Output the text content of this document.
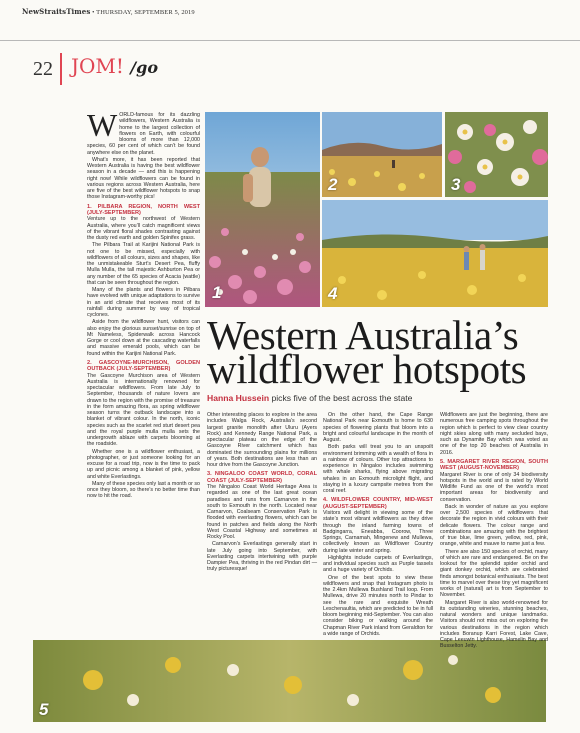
NewStraitsTimes • THURSDAY, SEPTEMBER 5, 2019
22 JOM! /go
1
2	3
4
5
Western Australia’s
wildflower hotspots
Hanna Hussein picks five of the best across the state

WORLD-famous for its dazzling wildflowers, Western Australia is home to the largest collection of flowers on Earth, with colourful blooms of more than 12,000 species, 60 per cent of which can’t be found anywhere else on the planet.

What’s more, it has been reported that Western Australia is having the best wildflower season in a decade — and this is happening right now! While wildflowers can be found in various regions across Western Australia, here are five of the best wildflower hotspots to snap those Instagram-worthy pics!

1. PILBARA REGION, NORTH WEST (JULY-SEPTEMBER)

Venture up to the northwest of Western Australia, where you’ll catch magnificent views of the vibrant floral shades contrasting against the dusty red earth and golden Spinifex grass.

The Pilbara Trail at Karijini National Park is not one to be missed, especially with wildflowers of all colours, sizes and shapes, like the unmistakeable Sturt’s Desert Pea, fluffy Mulla Mulla, the tall majestic Ashburton Pea or any number of the 65 species of Acacia (wattle) that can be seen throughout the region.

Many of the plants and flowers in Pilbara have evolved with unique adaptations to survive in an arid climate that receives most of its rainfall during summer by way of tropical cyclones.

Aside from the wildflower hunt, visitors can also enjoy the glorious sunset/sunrise on top of Mt Nameless, Spiderwalk across Hancock Gorge or cool down at the cascading waterfalls and massive emerald pools, which can be found within the Karijini National Park.

2. GASCOYNE-MURCHISON, GOLDEN OUTBACK (JULY-SEPTEMBER)

The Gascoyne Murchison area of Western Australia is internationally renowned for spectacular wildflowers. From late July to September, thousands of nature lovers are drawn to the region with the promise of treasure in the form amazing flora, as spring wildflower season turns the outback landscape into a blanket of vibrant colour. In the north, iconic species such as the scarlet red sturt desert pea and the royal purple mulla mulla sets the undergrowth ablaze with carpets blooming at the roadside.

Whether one is a wildflower enthusiast, a photographer, or just someone looking for an excuse for a road trip, now is the time to pack up and picnic among a blanket of pink, yellow and white Everlastings.

Many of these species only last a month or so once they bloom, so there’s no better time than now to hit the road.

Other interesting places to explore in the area includes Walga Rock, Australia’s second largest granite monolith after Uluru (Ayers Rock) and Kennedy Range National Park, a spectacular plateau on the edge of the Gascoyne River catchment which has dominated the surrounding plains for millions of years. Both destinations are less than an hour drive from the Gascoyne Junction.

3. NINGALOO COAST WORLD, CORAL COAST (JULY-SEPTEMBER)

The Ningaloo Coast World Heritage Area is regarded as one of the last great ocean paradises and runs from Carnarvon in the south to Exmouth in the north. Located near Carnarvon, Coalseam Conservation Park is flooded with everlasting flowers, which can be found in patches and fields along the North West Coastal Highway and sometimes at Rocky Pool.

Carnarvon’s Everlastings generally start in late July going into September, with Everlasting carpets intertwining with purple Dampier Pea, thriving in the red Pindan dirt — truly picturesque!

On the other hand, the Cape Range National Park near Exmouth is home to 630 species of flowering plants that bloom into a bright and colourful landscape in the month of August.

Both parks will treat you to an unspoilt environment brimming with a wealth of flora in a rainbow of colours. Other top attractions to experience in Ningaloo includes swimming with whale sharks, flying above migrating whales in an Exmouth microlight flight, and staying in a luxury campsite metres from the coral reef.

4. WILDFLOWER COUNTRY, MID-WEST (AUGUST-SEPTEMBER)

Visitors will delight in viewing some of the state’s most vibrant wildflowers as they drive through the inland farming towns of Badgingarra, Eneabba, Coorow, Three Springs, Carnamah, Mingenew and Mullewa, collectively known as Wildflower Country during late winter and spring.

Highlights include carpets of Everlastings, and individual species such as Purple tassels and a huge variety of Orchids.

One of the best spots to view these wildflowers and snap that Instagram photo is the 2.4km Mullewa Bushland Trail loop. From Mullewa, drive 20 minutes north to Pindar to see the rare and exquisite Wreath Leschenaultia, which are predicted to be in full bloom beginning mid-September. You can also consider biking or walking around the Chapman River Park inland from Geraldton for a wide range of Orchids.

Wildflowers are just the beginning, there are numerous free camping spots throughout the region which is perfect to view clear country night skies along with many secluded bays, such as Dynamite Bay which was voted as one of the top 20 beaches of Australia in 2016.

5. MARGARET RIVER REGION, SOUTH WEST (AUGUST-NOVEMBER)

Margaret River is one of only 34 biodiversity hotspots in the world and is rated by World Wildlife Fund as one of the world’s most important areas for biodiversity and conservation.

Back in wonder of nature as you explore over 2,500 species of wildflowers that decorate the region in vivid colours with their delicate flowers. The colour range and combinations are amazing with the brightest of true blue, lime green, yellow, red, pink, orange, white and mauve to name just a few.

There are also 150 species of orchid, many of which are rare and endangered. Be on the lookout for the splendid spider orchid and giant donkey orchid, which are celebrated finds amongst botanical enthusiasts. The best time to marvel over these tiny yet magnificent works of (natural) art is from September to November.

Margaret River is also world-renowned for its outstanding wineries, stunning beaches, natural wonders and unique landmarks. Visitors should not miss out on exploring the various destinations in the region which includes Boranup Karri Forest, Lake Cave, Cape Leeuwin Lighthouse, Hamelin Bay and Busselton Jetty.
